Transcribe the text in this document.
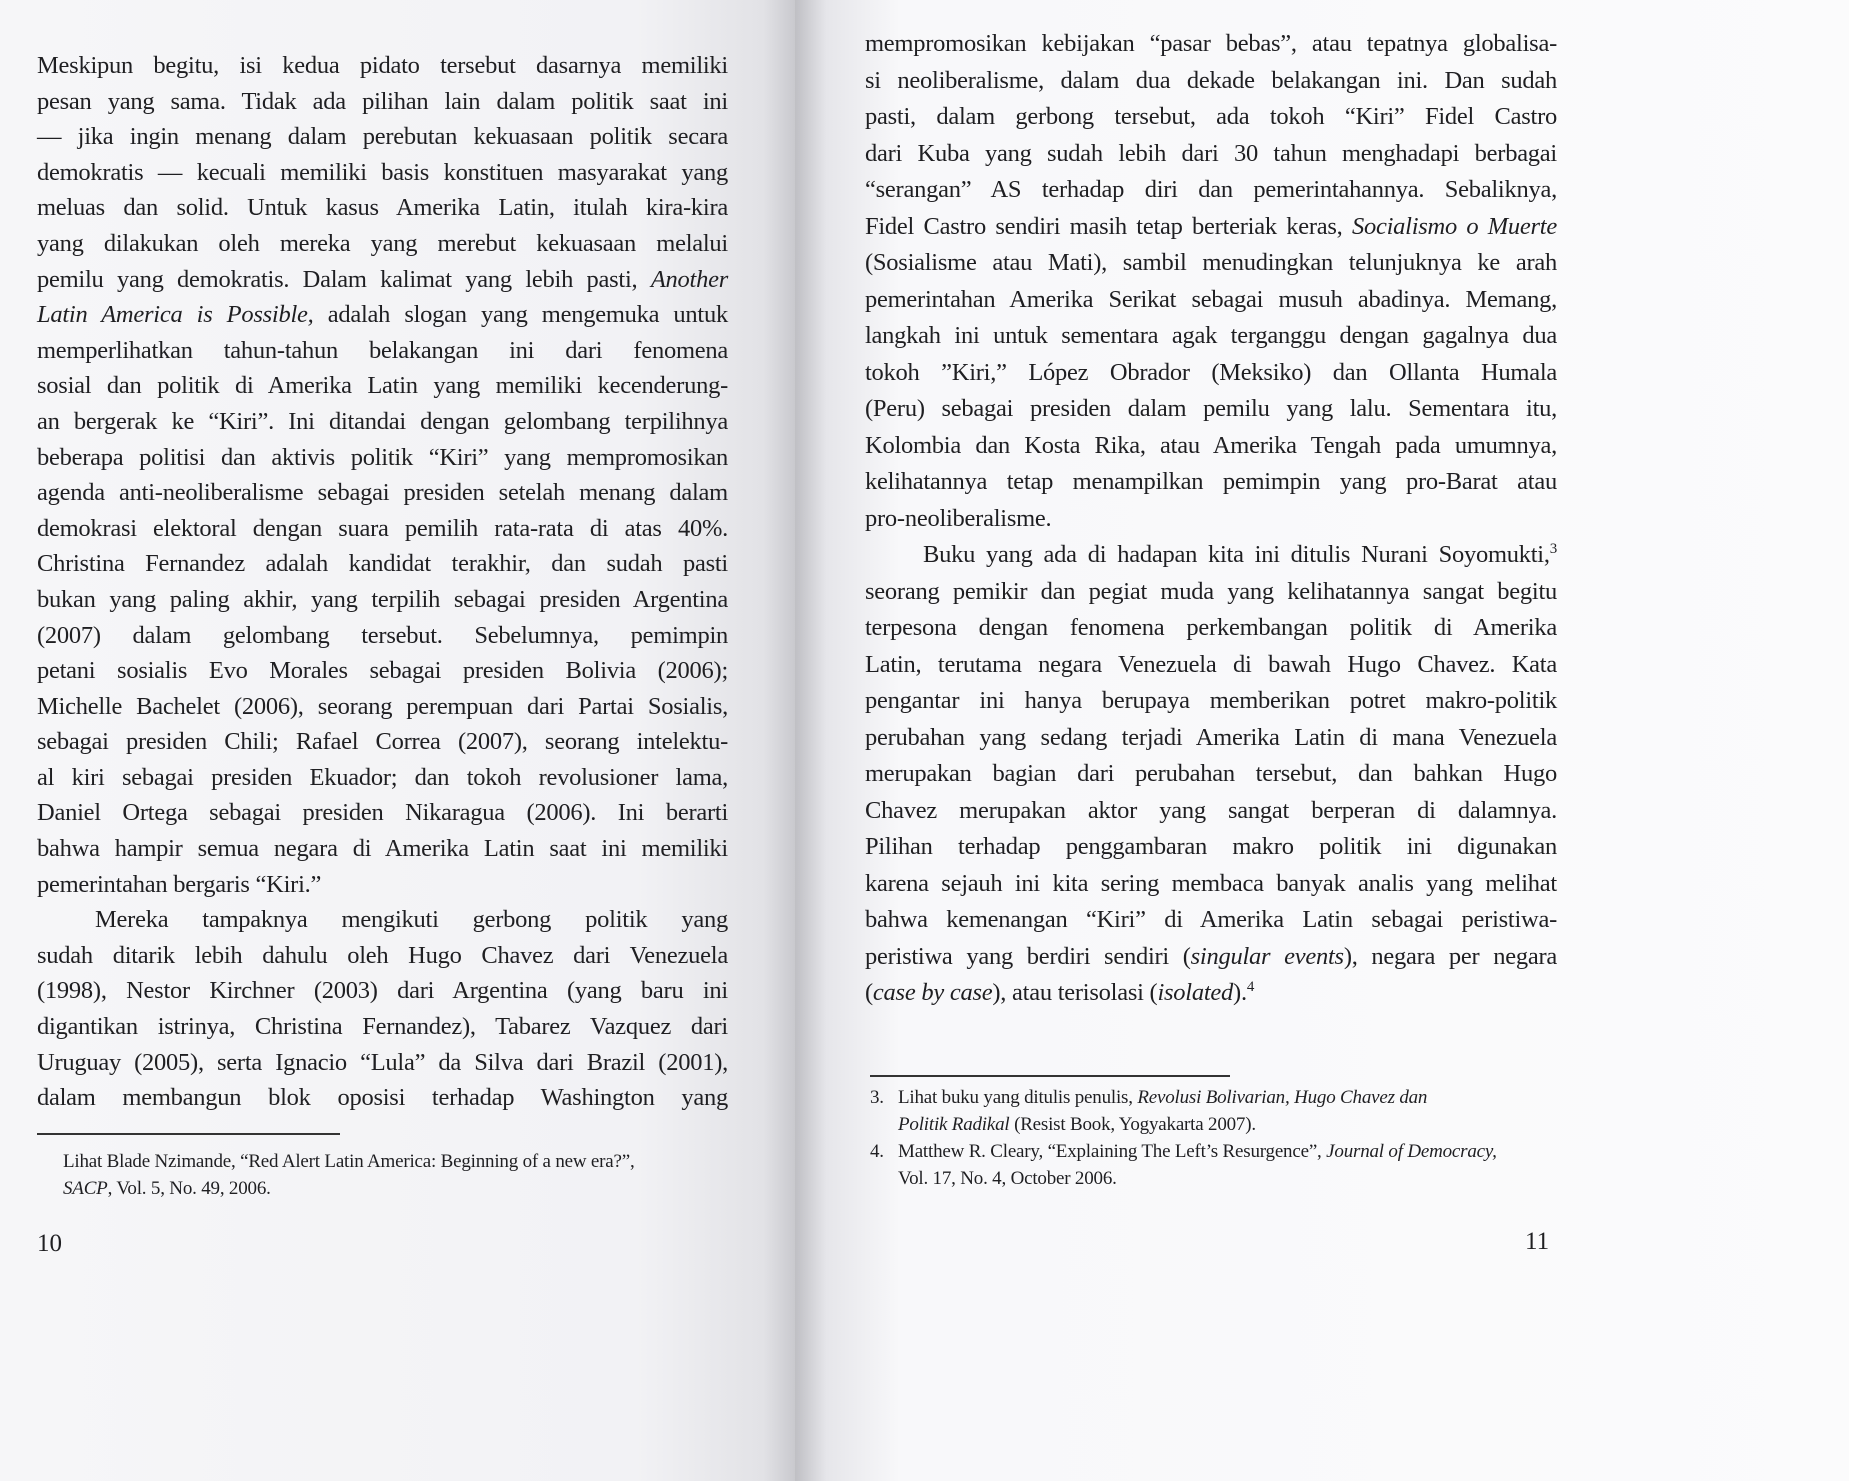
Meskipun begitu, isi kedua pidato tersebut dasarnya memiliki
pesan yang sama. Tidak ada pilihan lain dalam politik saat ini
— jika ingin menang dalam perebutan kekuasaan politik secara
demokratis — kecuali memiliki basis konstituen masyarakat yang
meluas dan solid. Untuk kasus Amerika Latin, itulah kira-kira
yang dilakukan oleh mereka yang merebut kekuasaan melalui
pemilu yang demokratis. Dalam kalimat yang lebih pasti, Another
Latin America is Possible, adalah slogan yang mengemuka untuk
memperlihatkan tahun-tahun belakangan ini dari fenomena
sosial dan politik di Amerika Latin yang memiliki kecenderung-
an bergerak ke “Kiri”. Ini ditandai dengan gelombang terpilihnya
beberapa politisi dan aktivis politik “Kiri” yang mempromosikan
agenda anti-neoliberalisme sebagai presiden setelah menang dalam
demokrasi elektoral dengan suara pemilih rata-rata di atas 40%.
Christina Fernandez adalah kandidat terakhir, dan sudah pasti
bukan yang paling akhir, yang terpilih sebagai presiden Argentina
(2007) dalam gelombang tersebut. Sebelumnya, pemimpin
petani sosialis Evo Morales sebagai presiden Bolivia (2006);
Michelle Bachelet (2006), seorang perempuan dari Partai Sosialis,
sebagai presiden Chili; Rafael Correa (2007), seorang intelektu-
al kiri sebagai presiden Ekuador; dan tokoh revolusioner lama,
Daniel Ortega sebagai presiden Nikaragua (2006). Ini berarti
bahwa hampir semua negara di Amerika Latin saat ini memiliki
pemerintahan bergaris “Kiri.”
Mereka tampaknya mengikuti gerbong politik yang
sudah ditarik lebih dahulu oleh Hugo Chavez dari Venezuela
(1998), Nestor Kirchner (2003) dari Argentina (yang baru ini
digantikan istrinya, Christina Fernandez), Tabarez Vazquez dari
Uruguay (2005), serta Ignacio “Lula” da Silva dari Brazil (2001),
dalam membangun blok oposisi terhadap Washington yang
Lihat Blade Nzimande, “Red Alert Latin America: Beginning of a new era?”,
SACP, Vol. 5, No. 49, 2006.
10
mempromosikan kebijakan “pasar bebas”, atau tepatnya globalisa-
si neoliberalisme, dalam dua dekade belakangan ini. Dan sudah
pasti, dalam gerbong tersebut, ada tokoh “Kiri” Fidel Castro
dari Kuba yang sudah lebih dari 30 tahun menghadapi berbagai
“serangan” AS terhadap diri dan pemerintahannya. Sebaliknya,
Fidel Castro sendiri masih tetap berteriak keras, Socialismo o Muerte
(Sosialisme atau Mati), sambil menudingkan telunjuknya ke arah
pemerintahan Amerika Serikat sebagai musuh abadinya. Memang,
langkah ini untuk sementara agak terganggu dengan gagalnya dua
tokoh ”Kiri,” López Obrador (Meksiko) dan Ollanta Humala
(Peru) sebagai presiden dalam pemilu yang lalu. Sementara itu,
Kolombia dan Kosta Rika, atau Amerika Tengah pada umumnya,
kelihatannya tetap menampilkan pemimpin yang pro-Barat atau
pro-neoliberalisme.
Buku yang ada di hadapan kita ini ditulis Nurani Soyomukti,$^3$
seorang pemikir dan pegiat muda yang kelihatannya sangat begitu
terpesona dengan fenomena perkembangan politik di Amerika
Latin, terutama negara Venezuela di bawah Hugo Chavez. Kata
pengantar ini hanya berupaya memberikan potret makro-politik
perubahan yang sedang terjadi Amerika Latin di mana Venezuela
merupakan bagian dari perubahan tersebut, dan bahkan Hugo
Chavez merupakan aktor yang sangat berperan di dalamnya.
Pilihan terhadap penggambaran makro politik ini digunakan
karena sejauh ini kita sering membaca banyak analis yang melihat
bahwa kemenangan “Kiri” di Amerika Latin sebagai peristiwa-
peristiwa yang berdiri sendiri (singular events), negara per negara
(case by case), atau terisolasi (isolated).$^4$
3. Lihat buku yang ditulis penulis, Revolusi Bolivarian, Hugo Chavez dan
Politik Radikal (Resist Book, Yogyakarta 2007).
4. Matthew R. Cleary, “Explaining The Left’s Resurgence”, Journal of Democracy,
Vol. 17, No. 4, October 2006.
11
